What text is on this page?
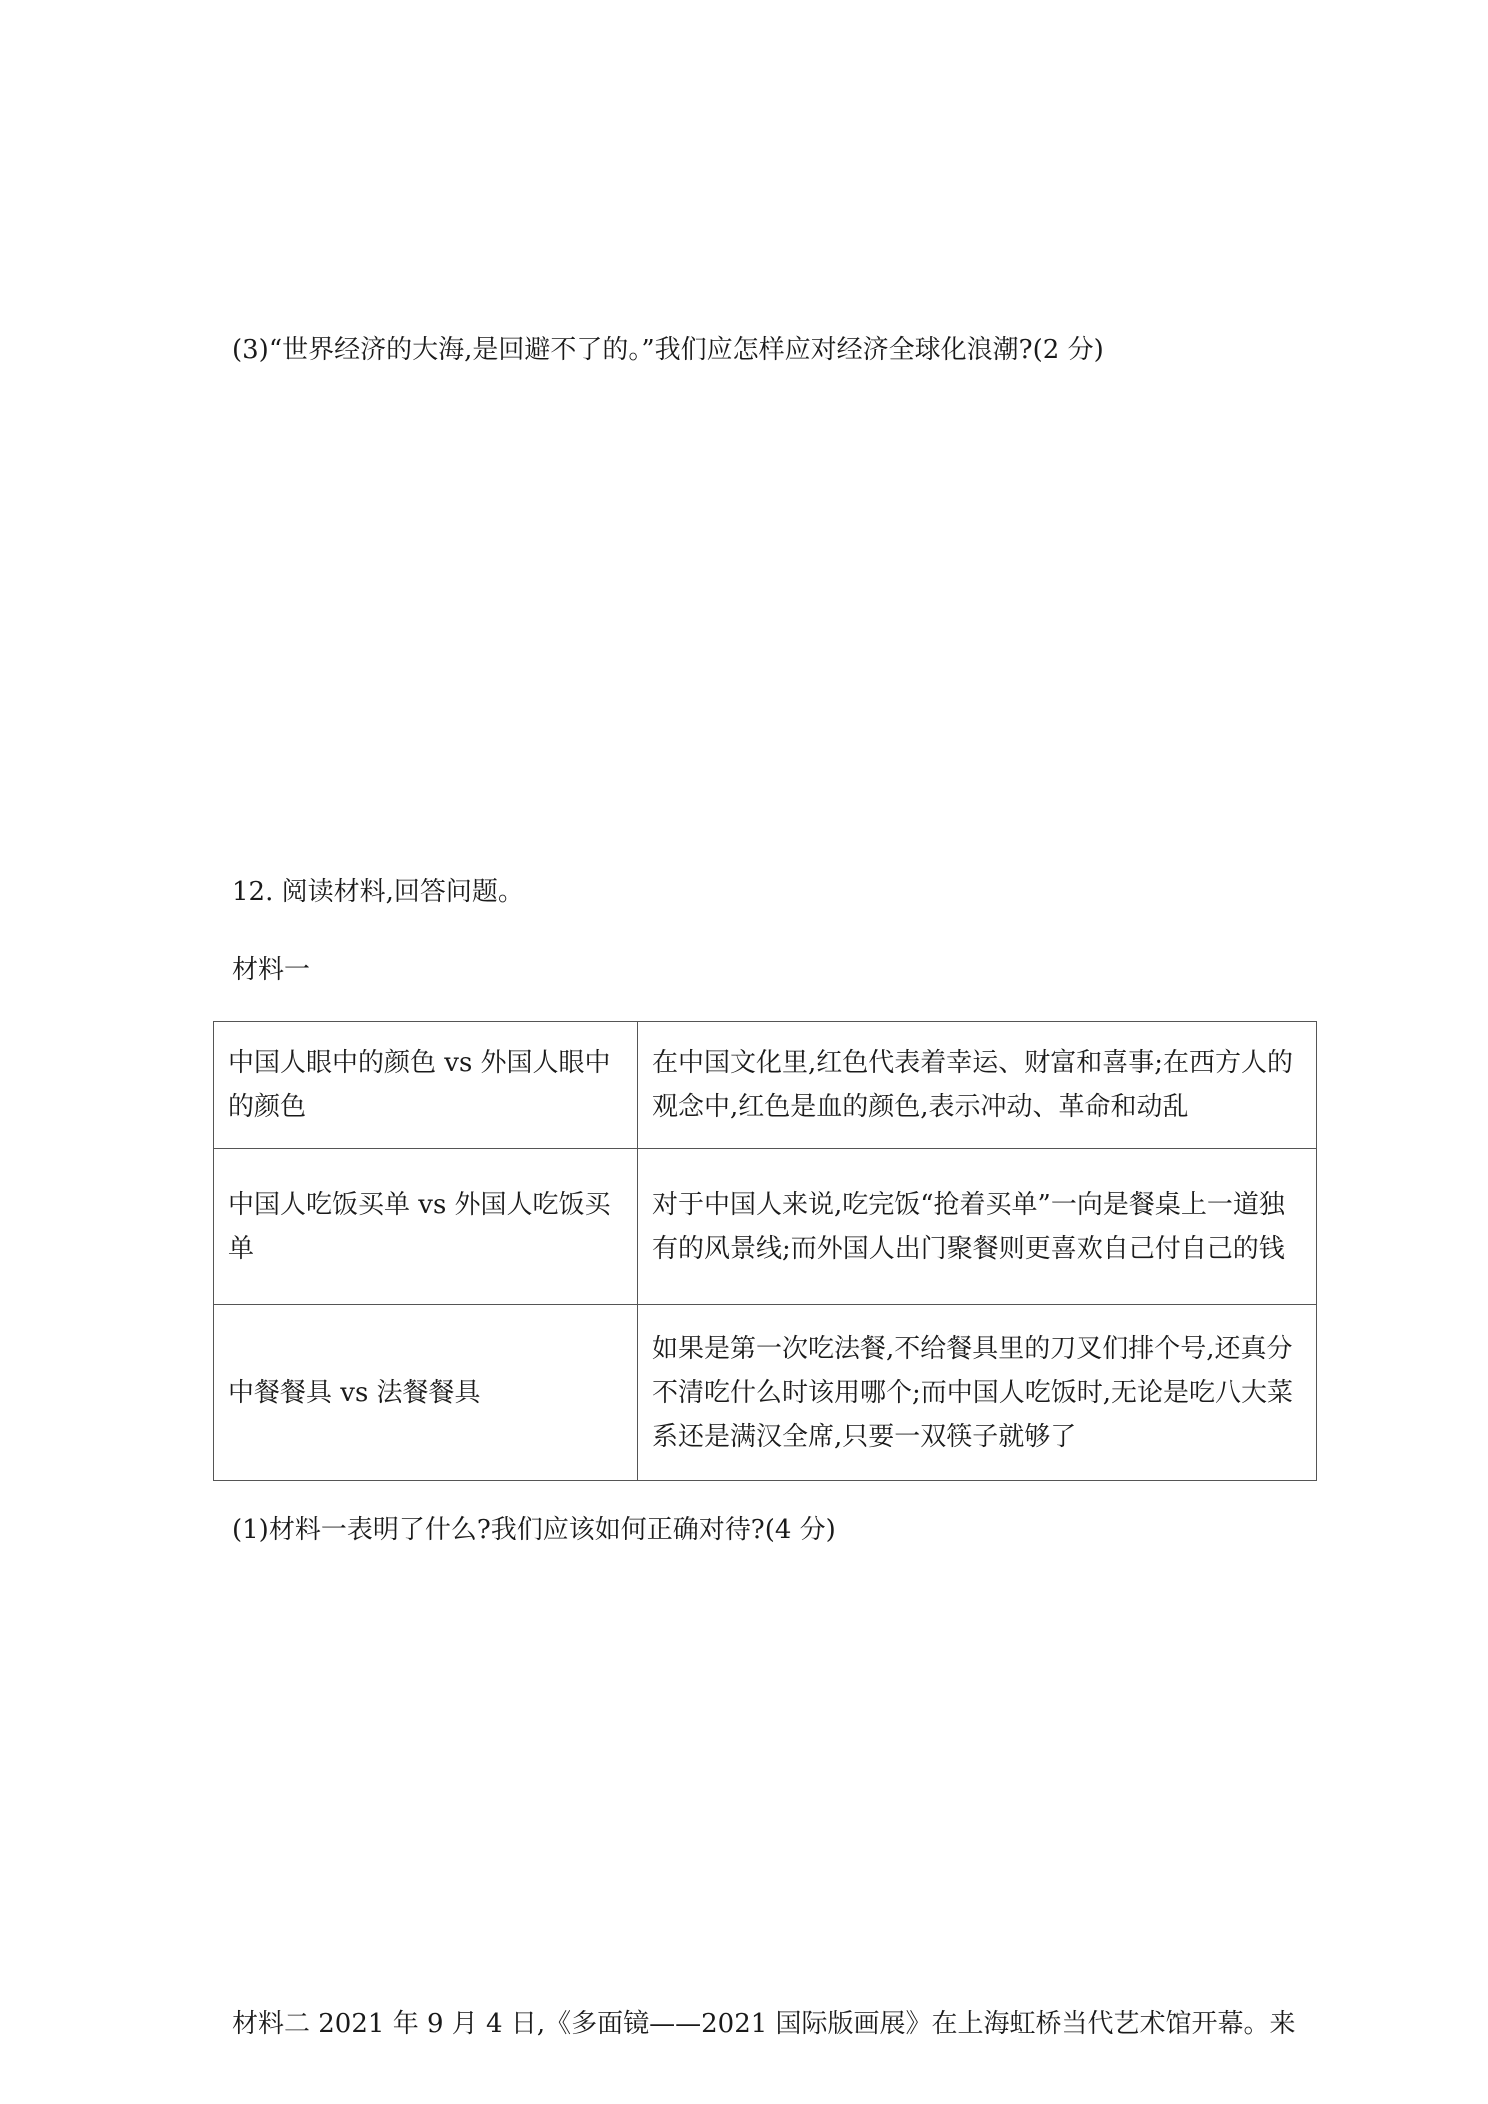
(3)“世界经济的大海,是回避不了的。”我们应怎样应对经济全球化浪潮?(2 分)
12. 阅读材料,回答问题。
材料一
中国人眼中的颜色 vs 外国人眼中的颜色	在中国文化里,红色代表着幸运、财富和喜事;在西方人的观念中,红色是血的颜色,表示冲动、革命和动乱
中国人吃饭买单 vs 外国人吃饭买单	对于中国人来说,吃完饭“抢着买单”一向是餐桌上一道独有的风景线;而外国人出门聚餐则更喜欢自己付自己的钱
中餐餐具 vs 法餐餐具	如果是第一次吃法餐,不给餐具里的刀叉们排个号,还真分不清吃什么时该用哪个;而中国人吃饭时,无论是吃八大菜系还是满汉全席,只要一双筷子就够了
(1)材料一表明了什么?我们应该如何正确对待?(4 分)
材料二 2021 年 9 月 4 日,《多面镜——2021 国际版画展》在上海虹桥当代艺术馆开幕。来
